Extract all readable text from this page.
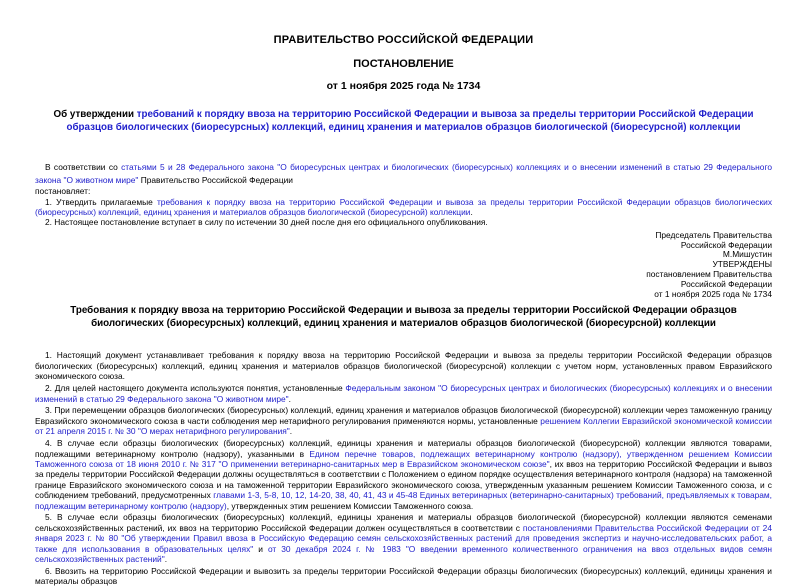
ПРАВИТЕЛЬСТВО РОССИЙСКОЙ ФЕДЕРАЦИИ
ПОСТАНОВЛЕНИЕ
от 1 ноября 2025 года № 1734
Об утверждении требований к порядку ввоза на территорию Российской Федерации и вывоза за пределы территории Российской Федерации образцов биологических (биоресурсных) коллекций, единиц хранения и материалов образцов биологической (биоресурсной) коллекции
В соответствии со статьями 5 и 28 Федерального закона "О биоресурсных центрах и биологических (биоресурсных) коллекциях и о внесении изменений в статью 29 Федерального закона "О животном мире" Правительство Российской Федерации
постановляет:
1. Утвердить прилагаемые требования к порядку ввоза на территорию Российской Федерации и вывоза за пределы территории Российской Федерации образцов биологических (биоресурсных) коллекций, единиц хранения и материалов образцов биологической (биоресурсной) коллекции.
2. Настоящее постановление вступает в силу по истечении 30 дней после дня его официального опубликования.
Председатель Правительства
Российской Федерации
М.Мишустин
УТВЕРЖДЕНЫ
постановлением Правительства
Российской Федерации
от 1 ноября 2025 года № 1734
Требования к порядку ввоза на территорию Российской Федерации и вывоза за пределы территории Российской Федерации образцов биологических (биоресурсных) коллекций, единиц хранения и материалов образцов биологической (биоресурсной) коллекции
1. Настоящий документ устанавливает требования к порядку ввоза на территорию Российской Федерации и вывоза за пределы территории Российской Федерации образцов биологических (биоресурсных) коллекций, единиц хранения и материалов образцов биологической (биоресурсной) коллекции с учетом норм, установленных правом Евразийского экономического союза.
2. Для целей настоящего документа используются понятия, установленные Федеральным законом "О биоресурсных центрах и биологических (биоресурсных) коллекциях и о внесении изменений в статью 29 Федерального закона "О животном мире".
3. При перемещении образцов биологических (биоресурсных) коллекций, единиц хранения и материалов образцов биологической (биоресурсной) коллекции через таможенную границу Евразийского экономического союза в части соблюдения мер нетарифного регулирования применяются нормы, установленные решением Коллегии Евразийской экономической комиссии от 21 апреля 2015 г. № 30 "О мерах нетарифного регулирования".
4. В случае если образцы биологических (биоресурсных) коллекций, единицы хранения и материалы образцов биологической (биоресурсной) коллекции являются товарами, подлежащими ветеринарному контролю (надзору), указанными в Едином перечне товаров, подлежащих ветеринарному контролю (надзору), утвержденном решением Комиссии Таможенного союза от 18 июня 2010 г. № 317 "О применении ветеринарно-санитарных мер в Евразийском экономическом союзе", их ввоз на территорию Российской Федерации и вывоз за пределы территории Российской Федерации должны осуществляться в соответствии с Положением о едином порядке осуществления ветеринарного контроля (надзора) на таможенной границе Евразийского экономического союза и на таможенной территории Евразийского экономического союза, утвержденным указанным решением Комиссии Таможенного союза, и с соблюдением требований, предусмотренных главами 1-3, 5-8, 10, 12, 14-20, 38, 40, 41, 43 и 45-48 Единых ветеринарных (ветеринарно-санитарных) требований, предъявляемых к товарам, подлежащим ветеринарному контролю (надзору), утвержденных этим решением Комиссии Таможенного союза.
5. В случае если образцы биологических (биоресурсных) коллекций, единицы хранения и материалы образцов биологической (биоресурсной) коллекции являются семенами сельскохозяйственных растений, их ввоз на территорию Российской Федерации должен осуществляться в соответствии с постановлениями Правительства Российской Федерации от 24 января 2023 г. № 80 "Об утверждении Правил ввоза в Российскую Федерацию семян сельскохозяйственных растений для проведения экспертиз и научно-исследовательских работ, а также для использования в образовательных целях" и от 30 декабря 2024 г. № 1983 "О введении временного количественного ограничения на ввоз отдельных видов семян сельскохозяйственных растений".
6. Ввозить на территорию Российской Федерации и вывозить за пределы территории Российской Федерации образцы биологических (биоресурсных) коллекций, единицы хранения и материалы образцов
